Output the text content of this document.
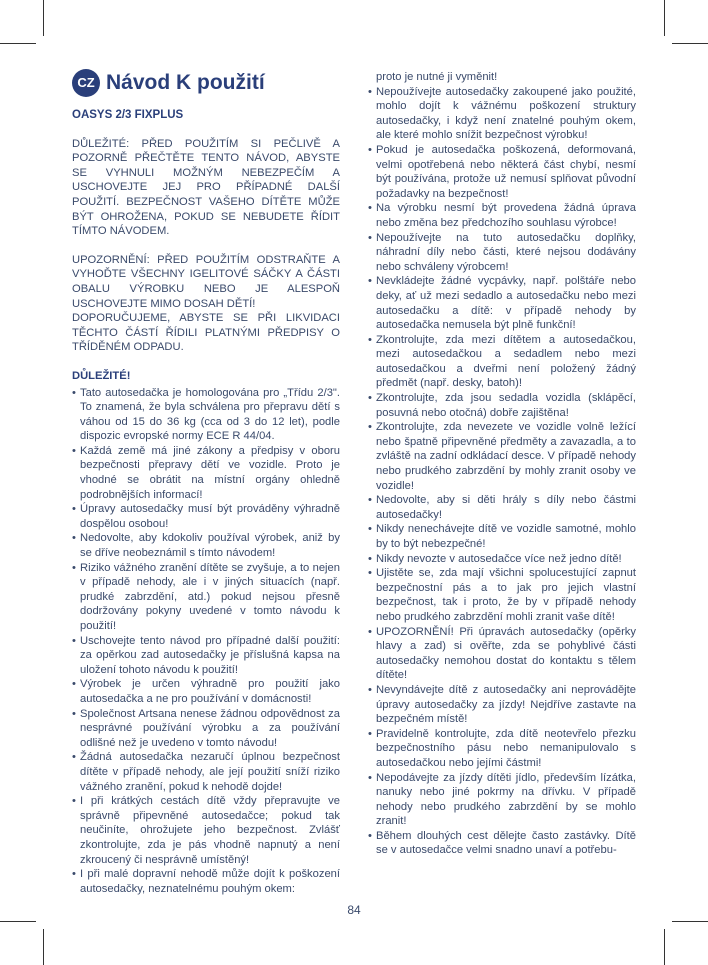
CZ Návod K použití
OASYS 2/3 FIXPLUS

DŮLEŽITÉ: PŘED POUŽITÍM SI PEČLIVĚ A POZORNĚ PŘEČTĚTE TENTO NÁVOD, ABYSTE SE VYHNULI MOŽNÝM NEBEZPEČÍM A USCHOVEJTE JEJ PRO PŘÍPADNÉ DALŠÍ POUŽITÍ. BEZPEČNOST VAŠEHO DÍTĚTE MŮŽE BÝT OHROŽENA, POKUD SE NEBUDETE ŘÍDIT TÍMTO NÁVODEM.

UPOZORNĚNÍ: PŘED POUŽITÍM ODSTRAŇTE A VYHOĎTE VŠECHNY IGELITOVÉ SÁČKY A ČÁSTI OBALU VÝROBKU NEBO JE ALESPOŇ USCHOVEJTE MIMO DOSAH DĚTÍ!

DOPORUČUJEME, ABYSTE SE PŘI LIKVIDACI TĚCHTO ČÁSTÍ ŘÍDILI PLATNÝMI PŘEDPISY O TŘÍDĚNÉM ODPADU.

DŮLEŽITÉ!
• Tato autosedačka je homologována pro „Třídu 2/3". To znamená, že byla schválena pro přepravu dětí s váhou od 15 do 36 kg (cca od 3 do 12 let), podle dispozic evropské normy ECE R 44/04.
• Každá země má jiné zákony a předpisy v oboru bezpečnosti přepravy dětí ve vozidle. Proto je vhodné se obrátit na místní orgány ohledně podrobnějších informací!
• Úpravy autosedačky musí být prováděny výhradně dospělou osobou!
• Nedovolte, aby kdokoliv používal výrobek, aniž by se dříve neobeznámil s tímto návodem!
• Riziko vážného zranění dítěte se zvyšuje, a to nejen v případě nehody, ale i v jiných situacích (např. prudké zabrzdění, atd.) pokud nejsou přesně dodržovány pokyny uvedené v tomto návodu k použití!
• Uschovejte tento návod pro případné další použití: za opěrkou zad autosedačky je příslušná kapsa na uložení tohoto návodu k použití!
• Výrobek je určen výhradně pro použití jako autosedačka a ne pro používání v domácnosti!
• Společnost Artsana nenese žádnou odpovědnost za nesprávné používání výrobku a za používání odlišné než je uvedeno v tomto návodu!
• Žádná autosedačka nezaručí úplnou bezpečnost dítěte v případě nehody, ale její použití sníží riziko vážného zranění, pokud k nehodě dojde!
• I při krátkých cestách dítě vždy přepravujte ve správně připevněné autosedačce; pokud tak neučiníte, ohrožujete jeho bezpečnost. Zvlášť zkontrolujte, zda je pás vhodně napnutý a není zkroucený či nesprávně umístěný!
• I při malé dopravní nehodě může dojít k poškození autosedačky, neznatelnému pouhým okem:
proto je nutné ji vyměnit!
• Nepoužívejte autosedačky zakoupené jako použité, mohlo dojít k vážnému poškození struktury autosedačky, i když není znatelné pouhým okem, ale které mohlo snížit bezpečnost výrobku!
• Pokud je autosedačka poškozená, deformovaná, velmi opotřebená nebo některá část chybí, nesmí být používána, protože už nemusí splňovat původní požadavky na bezpečnost!
• Na výrobku nesmí být provedena žádná úprava nebo změna bez předchozího souhlasu výrobce!
• Nepoužívejte na tuto autosedačku doplňky, náhradní díly nebo části, které nejsou dodávány nebo schváleny výrobcem!
• Nevkládejte žádné vycpávky, např. polštáře nebo deky, ať už mezi sedadlo a autosedačku nebo mezi autosedačku a dítě: v případě nehody by autosedačka nemusela být plně funkční!
• Zkontrolujte, zda mezi dítětem a autosedačkou, mezi autosedačkou a sedadlem nebo mezi autosedačkou a dveřmi není položený žádný předmět (např. desky, batoh)!
• Zkontrolujte, zda jsou sedadla vozidla (sklápěcí, posuvná nebo otočná) dobře zajištěna!
• Zkontrolujte, zda nevezete ve vozidle volně ležící nebo špatně připevněné předměty a zavazadla, a to zvláště na zadní odkládací desce. V případě nehody nebo prudkého zabrzdění by mohly zranit osoby ve vozidle!
• Nedovolte, aby si děti hrály s díly nebo částmi autosedačky!
• Nikdy nenechávejte dítě ve vozidle samotné, mohlo by to být nebezpečné!
• Nikdy nevozte v autosedačce více než jedno dítě!
• Ujistěte se, zda mají všichni spolucestující zapnut bezpečnostní pás a to jak pro jejich vlastní bezpečnost, tak i proto, že by v případě nehody nebo prudkého zabrzdění mohli zranit vaše dítě!
• UPOZORNĚNÍ! Při úpravách autosedačky (opěrky hlavy a zad) si ověřte, zda se pohyblivé části autosedačky nemohou dostat do kontaktu s tělem dítěte!
• Nevyndávejte dítě z autosedačky ani neprovádějte úpravy autosedačky za jízdy! Nejdříve zastavte na bezpečném místě!
• Pravidelně kontrolujte, zda dítě neotevřelo přezku bezpečnostního pásu nebo nemanipulovalo s autosedačkou nebo jejími částmi!
• Nepodávejte za jízdy dítěti jídlo, především lízátka, nanuky nebo jiné pokrmy na dřívku. V případě nehody nebo prudkého zabrzdění by se mohlo zranit!
• Během dlouhých cest dělejte často zastávky. Dítě se v autosedačce velmi snadno unaví a potřebu-
84
